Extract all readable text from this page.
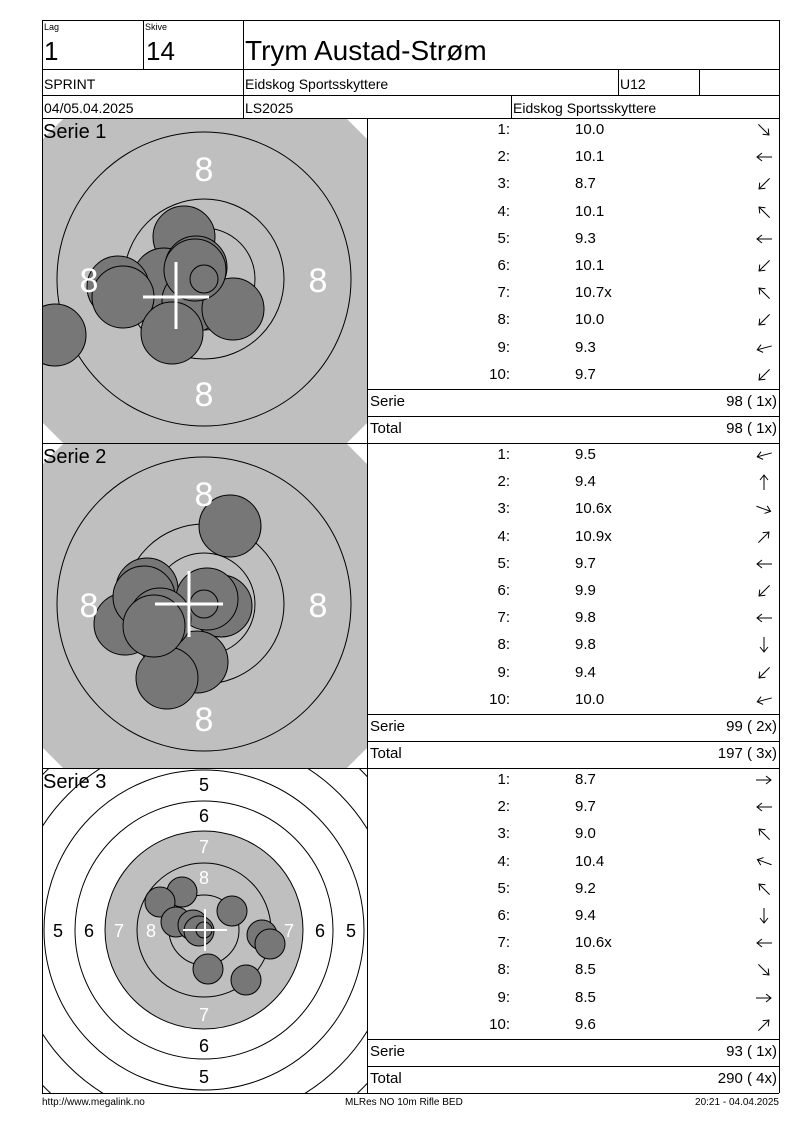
Lag
1
Skive
14	Trym Austad-Strøm
SPRINT	Eidskog Sportsskyttere	U12
04/05.04.2025	LS2025	Eidskog Sportsskyttere
8
8
8
8
Serie 1
8
8
8
8
Serie 2
5
6
7
8
8
7
6
5	7 6 5
7
6
5
Serie 3
1:	10.0
2:	10.1
3:	8.7
4:	10.1
5:	9.3
6:	10.1
7:	10.7x
8:	10.0
9:	9.3
10:	9.7
1:	9.5
2:	9.4
3:	10.6x
4:	10.9x
5:	9.7
6:	9.9
7:	9.8
8:	9.8
9:	9.4
10:	10.0
1:	8.7
2:	9.7
3:	9.0
4:	10.4
5:	9.2
6:	9.4
7:	10.6x
8:	8.5
9:	8.5
10:	9.6
Serie	98 ( 1x)
Total	98 ( 1x)
Serie	99 ( 2x)
Total	197 ( 3x)
Serie	93 ( 1x)
Total	290 ( 4x)
http://www.megalink.no	MLRes NO 10m Rifle BED	20:21 - 04.04.2025
